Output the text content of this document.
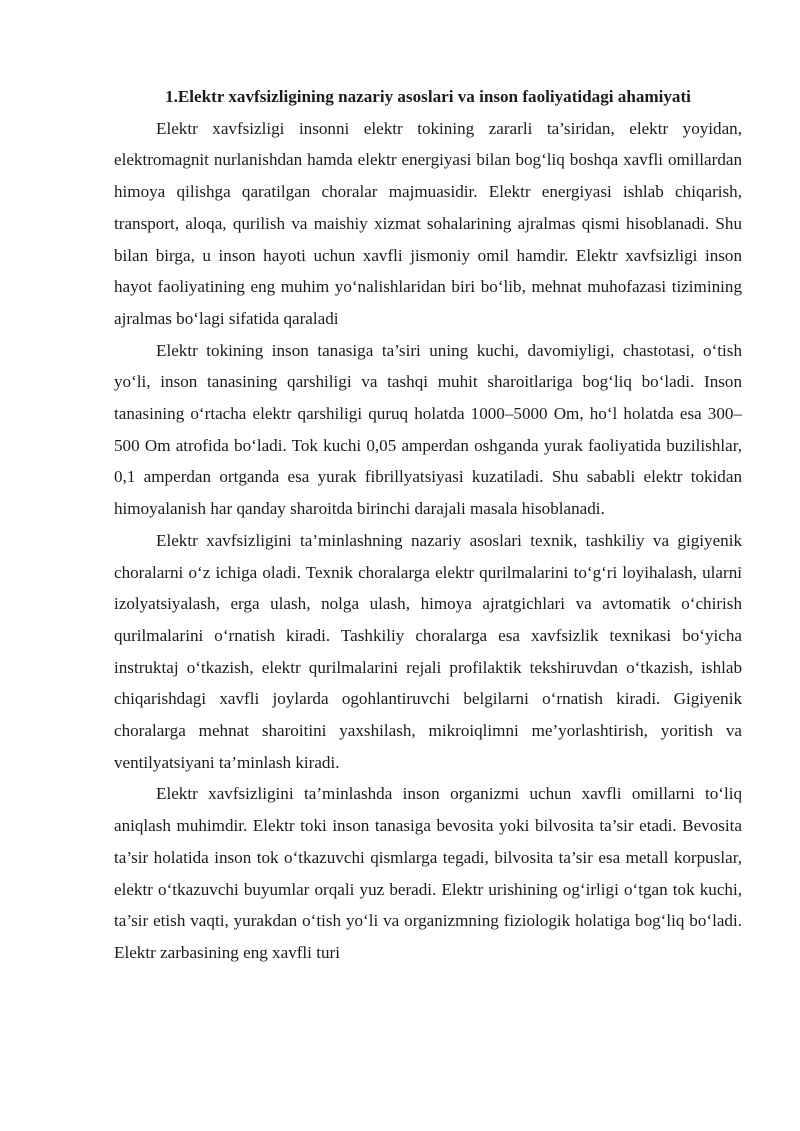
1.Elektr xavfsizligining nazariy asoslari va inson faoliyatidagi ahamiyati

Elektr xavfsizligi insonni elektr tokining zararli ta’siridan, elektr yoyidan, elektromagnit nurlanishdan hamda elektr energiyasi bilan bog‘liq boshqa xavfli omillardan himoya qilishga qaratilgan choralar majmuasidir. Elektr energiyasi ishlab chiqarish, transport, aloqa, qurilish va maishiy xizmat sohalarining ajralmas qismi hisoblanadi. Shu bilan birga, u inson hayoti uchun xavfli jismoniy omil hamdir. Elektr xavfsizligi inson hayot faoliyatining eng muhim yo‘nalishlaridan biri bo‘lib, mehnat muhofazasi tizimining ajralmas bo‘lagi sifatida qaraladi

Elektr tokining inson tanasiga ta’siri uning kuchi, davomiyligi, chastotasi, o‘tish yo‘li, inson tanasining qarshiligi va tashqi muhit sharoitlariga bog‘liq bo‘ladi. Inson tanasining o‘rtacha elektr qarshiligi quruq holatda 1000–5000 Om, ho‘l holatda esa 300–500 Om atrofida bo‘ladi. Tok kuchi 0,05 amperdan oshganda yurak faoliyatida buzilishlar, 0,1 amperdan ortganda esa yurak fibrillyatsiyasi kuzatiladi. Shu sababli elektr tokidan himoyalanish har qanday sharoitda birinchi darajali masala hisoblanadi.

Elektr xavfsizligini ta’minlashning nazariy asoslari texnik, tashkiliy va gigiyenik choralarni o‘z ichiga oladi. Texnik choralarga elektr qurilmalarini to‘g‘ri loyihalash, ularni izolyatsiyalash, erga ulash, nolga ulash, himoya ajratgichlari va avtomatik o‘chirish qurilmalarini o‘rnatish kiradi. Tashkiliy choralarga esa xavfsizlik texnikasi bo‘yicha instruktaj o‘tkazish, elektr qurilmalarini rejali profilaktik tekshiruvdan o‘tkazish, ishlab chiqarishdagi xavfli joylarda ogohlantiruvchi belgilarni o‘rnatish kiradi. Gigiyenik choralarga mehnat sharoitini yaxshilash, mikroiqlimni me’yorlashtirish, yoritish va ventilyatsiyani ta’minlash kiradi.

Elektr xavfsizligini ta’minlashda inson organizmi uchun xavfli omillarni to‘liq aniqlash muhimdir. Elektr toki inson tanasiga bevosita yoki bilvosita ta’sir etadi. Bevosita ta’sir holatida inson tok o‘tkazuvchi qismlarga tegadi, bilvosita ta’sir esa metall korpuslar, elektr o‘tkazuvchi buyumlar orqali yuz beradi. Elektr urishining og‘irligi o‘tgan tok kuchi, ta’sir etish vaqti, yurakdan o‘tish yo‘li va organizmning fiziologik holatiga bog‘liq bo‘ladi. Elektr zarbasining eng xavfli turi
